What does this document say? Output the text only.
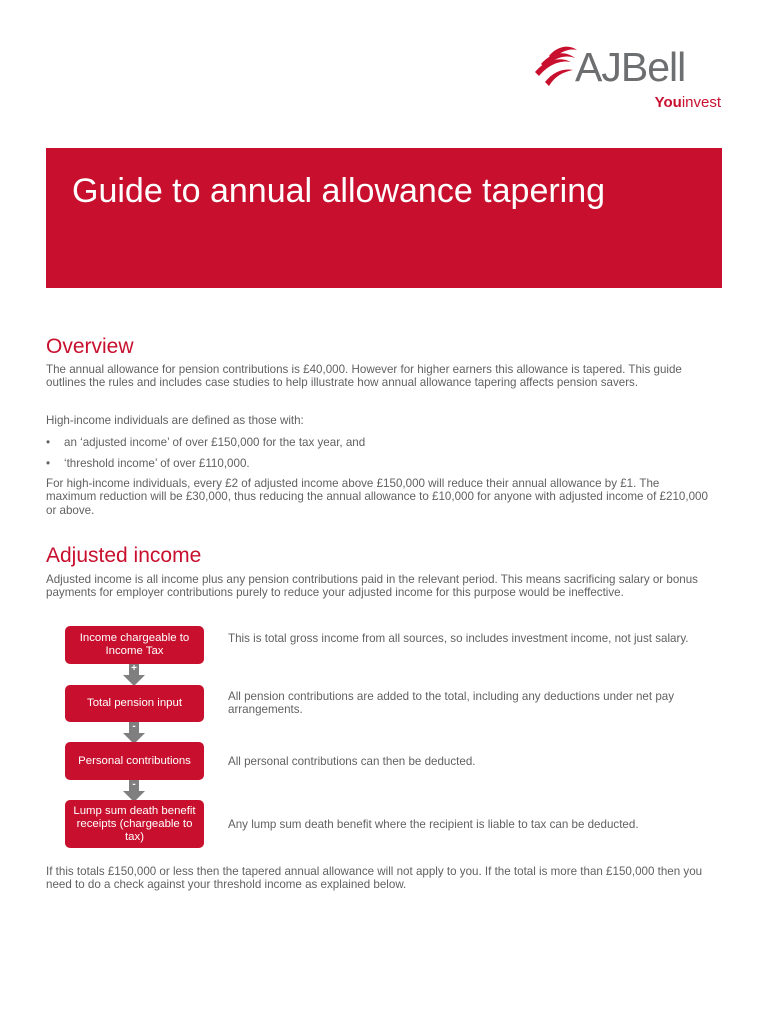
AJBell
Youinvest
Guide to annual allowance tapering
Overview

The annual allowance for pension contributions is £40,000. However for higher earners this allowance is tapered. This guide outlines the rules and includes case studies to help illustrate how annual allowance tapering affects pension savers.

High-income individuals are defined as those with:

• an ‘adjusted income’ of over £150,000 for the tax year, and
• ‘threshold income’ of over £110,000.

For high-income individuals, every £2 of adjusted income above £150,000 will reduce their annual allowance by £1. The maximum reduction will be £30,000, thus reducing the annual allowance to £10,000 for anyone with adjusted income of £210,000 or above.

Adjusted income

Adjusted income is all income plus any pension contributions paid in the relevant period. This means sacrificing salary or bonus payments for employer contributions purely to reduce your adjusted income for this purpose would be ineffective.

Income chargeable to Income Tax
+
This is total gross income from all sources, so includes investment income, not just salary.
Total pension input
-
All pension contributions are added to the total, including any deductions under net pay arrangements.
Personal contributions
-
All personal contributions can then be deducted.
Lump sum death benefit receipts (chargeable to tax)
Any lump sum death benefit where the recipient is liable to tax can be deducted.

If this totals £150,000 or less then the tapered annual allowance will not apply to you. If the total is more than £150,000 then you need to do a check against your threshold income as explained below.
